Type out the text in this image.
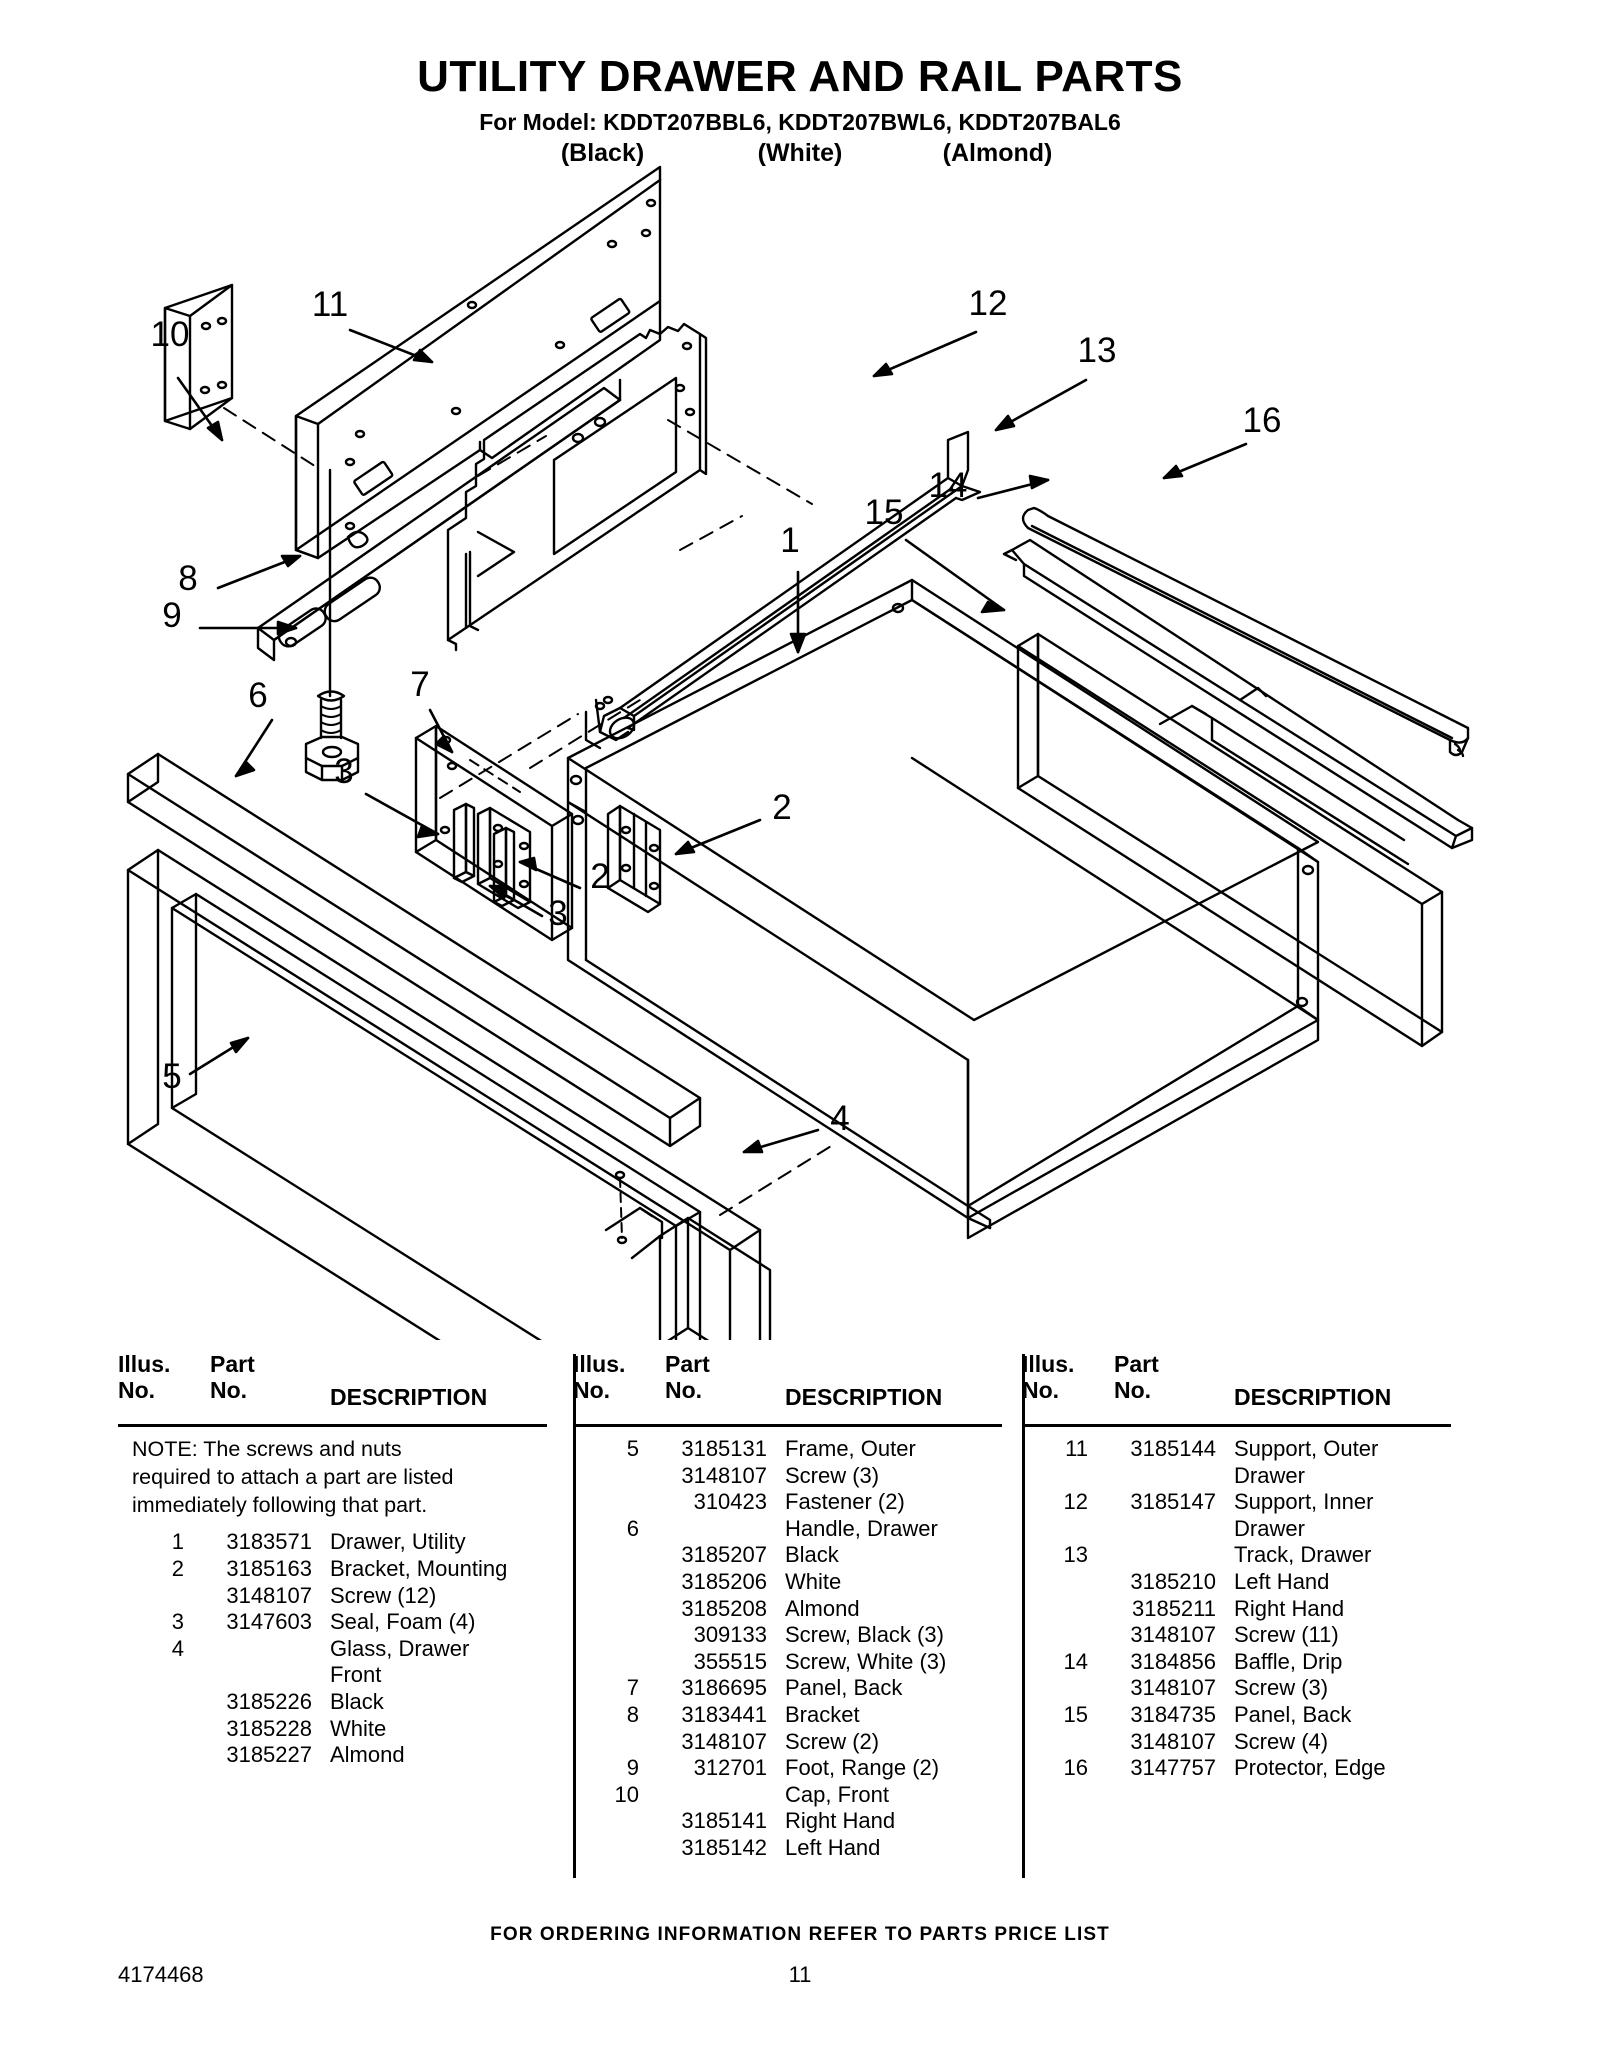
UTILITY DRAWER AND RAIL PARTS
For Model: KDDT207BBL6, KDDT207BWL6, KDDT207BAL6
(Black)	(White)	(Almond)
1
2
2
3
3
4
5
6	7
8
9
10
11	12
13
14
15
16
Illus.
No.
Part
No.	DESCRIPTION
NOTE: The screws and nuts required to attach a part are listed immediately following that part.
1	3183571 Drawer, Utility
2	3185163 Bracket, Mounting
3148107 Screw (12)
3	3147603 Seal, Foam (4)
4	Glass, Drawer
Front
3185226 Black
3185228 White
3185227 Almond
Illus.
No.
Part
No.	DESCRIPTION
5	3185131 Frame, Outer
3148107 Screw (3)
310423 Fastener (2)
6	Handle, Drawer
3185207 Black
3185206 White
3185208 Almond
309133 Screw, Black (3)
355515 Screw, White (3)
7	3186695 Panel, Back
8	3183441 Bracket
3148107 Screw (2)
9	312701 Foot, Range (2)
10	Cap, Front
3185141 Right Hand
3185142 Left Hand
Illus.
No.
Part
No.	DESCRIPTION
11	3185144 Support, Outer
Drawer
12	3185147 Support, Inner
Drawer
13	Track, Drawer
3185210 Left Hand
3185211 Right Hand
3148107 Screw (11)
14	3184856 Baffle, Drip
3148107 Screw (3)
15	3184735 Panel, Back
3148107 Screw (4)
16	3147757 Protector, Edge
FOR ORDERING INFORMATION REFER TO PARTS PRICE LIST
4174468	11
